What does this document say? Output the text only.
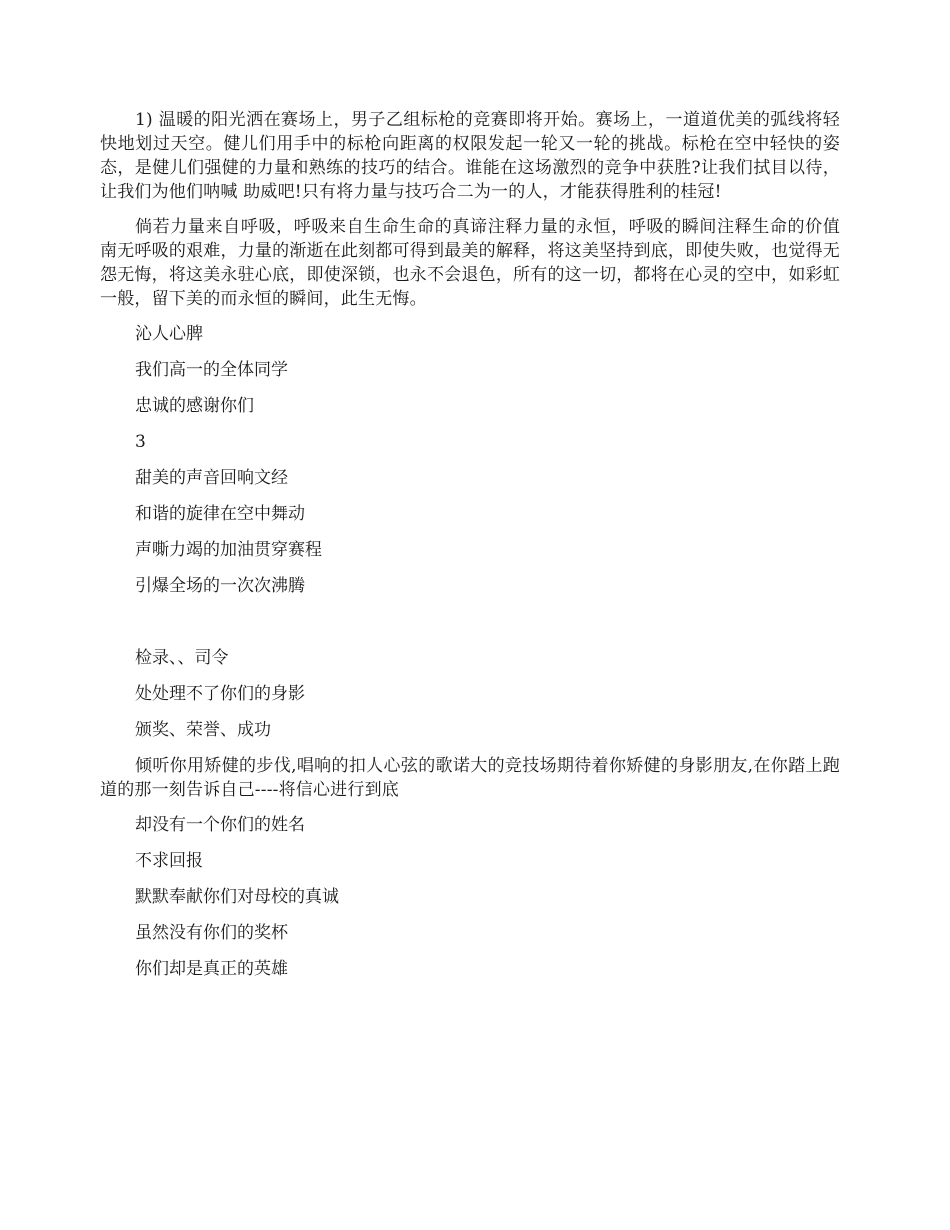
1) 温暖的阳光洒在赛场上，男子乙组标枪的竞赛即将开始。赛场上，一道道优美的弧线将轻快地划过天空。健儿们用手中的标枪向距离的权限发起一轮又一轮的挑战。标枪在空中轻快的姿态，是健儿们强健的力量和熟练的技巧的结合。谁能在这场激烈的竞争中获胜?让我们拭目以待，让我们为他们呐喊 助威吧!只有将力量与技巧合二为一的人，才能获得胜利的桂冠!

倘若力量来自呼吸，呼吸来自生命生命的真谛注释力量的永恒，呼吸的瞬间注释生命的价值南无呼吸的艰难，力量的渐逝在此刻都可得到最美的解释，将这美坚持到底，即使失败，也觉得无怨无悔，将这美永驻心底，即使深锁，也永不会退色，所有的这一切，都将在心灵的空中，如彩虹一般，留下美的而永恒的瞬间，此生无悔。

沁人心脾

我们高一的全体同学

忠诚的感谢你们

3

甜美的声音回响文经

和谐的旋律在空中舞动

声嘶力竭的加油贯穿赛程

引爆全场的一次次沸腾

检录、、司令

处处理不了你们的身影

颁奖、荣誉、成功

倾听你用矫健的步伐,唱响的扣人心弦的歌诺大的竞技场期待着你矫健的身影朋友,在你踏上跑道的那一刻告诉自己----将信心进行到底

却没有一个你们的姓名

不求回报

默默奉献你们对母校的真诚

虽然没有你们的奖杯

你们却是真正的英雄
